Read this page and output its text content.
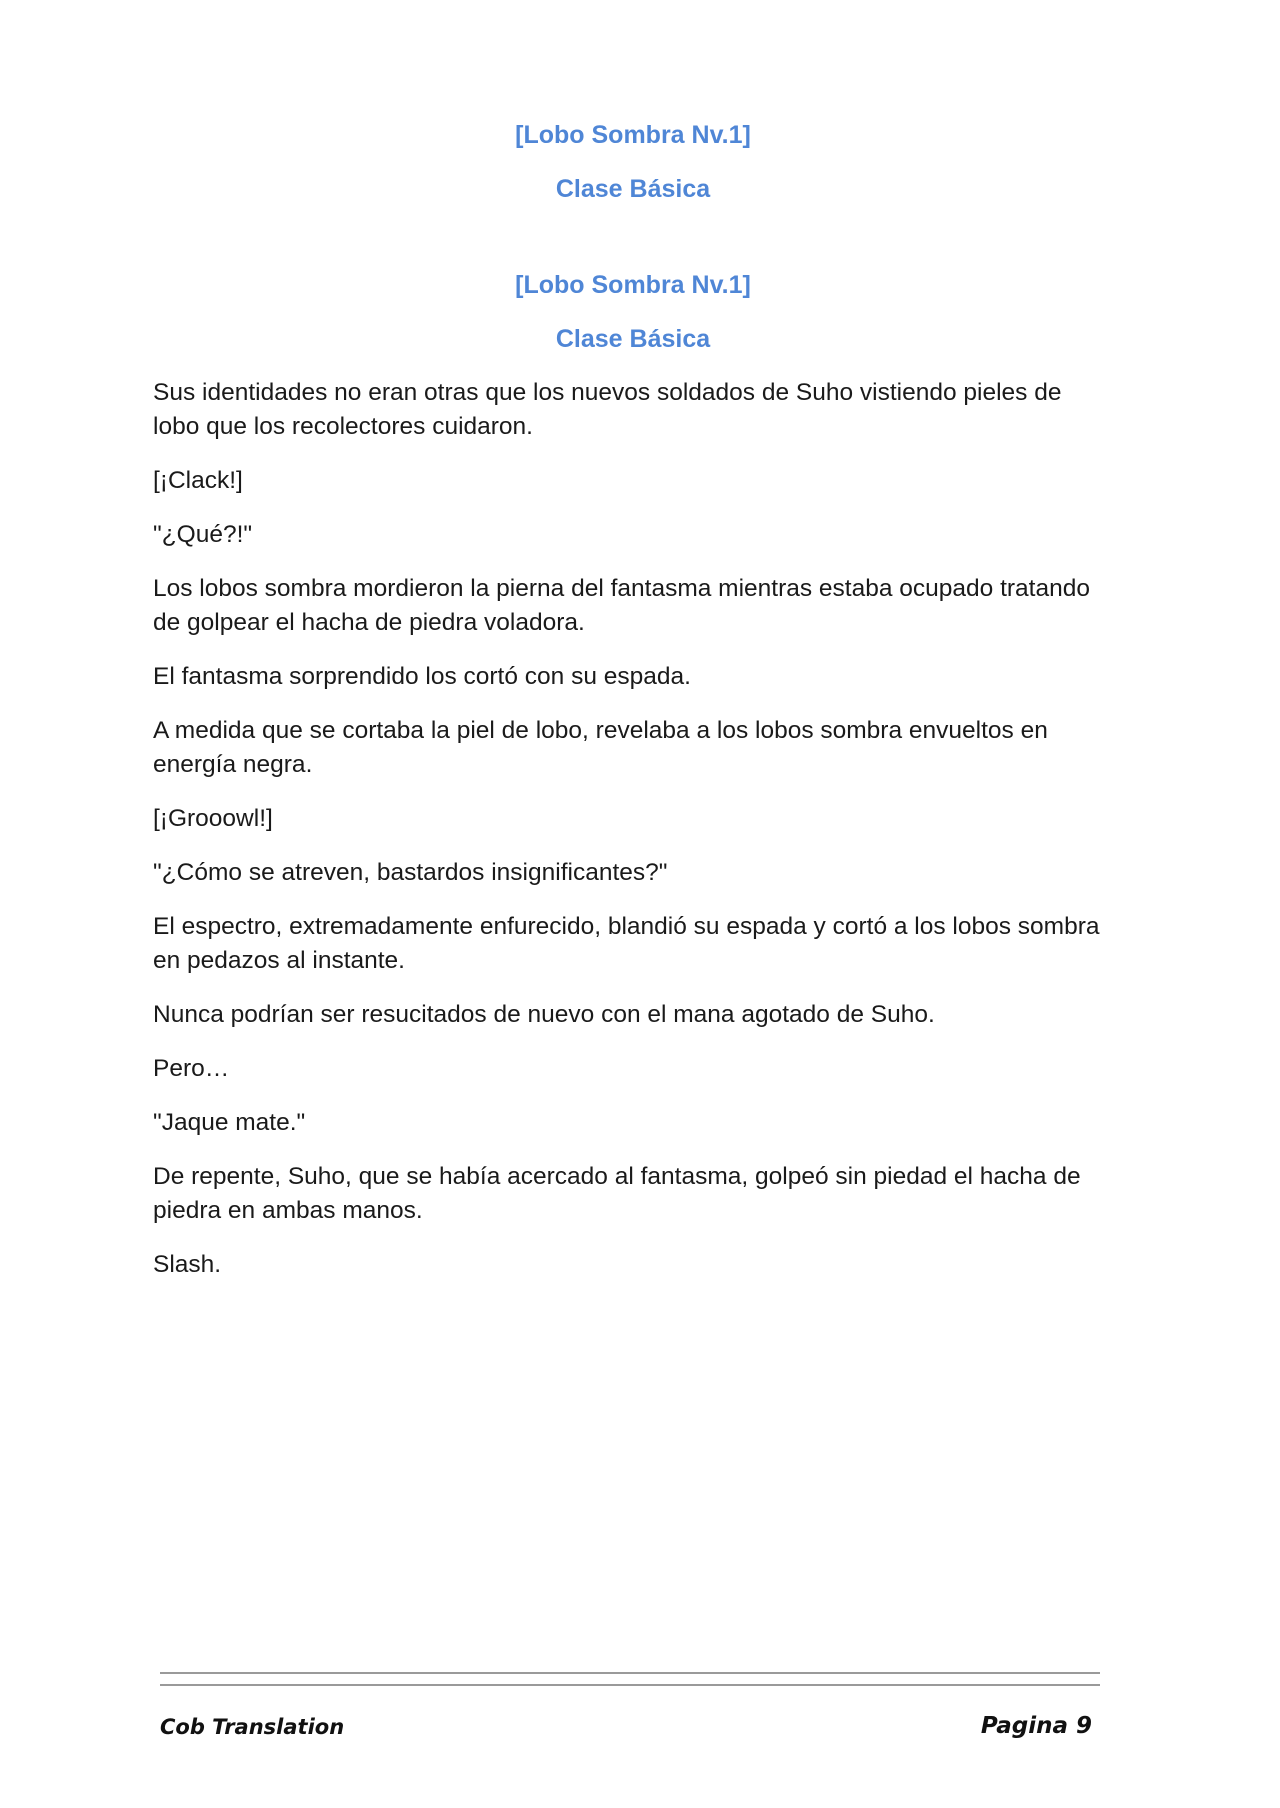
[Lobo Sombra Nv.1]
Clase Básica
[Lobo Sombra Nv.1]
Clase Básica

Sus identidades no eran otras que los nuevos soldados de Suho vistiendo pieles de lobo que los recolectores cuidaron.

[¡Clack!]

"¿Qué?!"

Los lobos sombra mordieron la pierna del fantasma mientras estaba ocupado tratando de golpear el hacha de piedra voladora.

El fantasma sorprendido los cortó con su espada.

A medida que se cortaba la piel de lobo, revelaba a los lobos sombra envueltos en energía negra.

[¡Grooowl!]

"¿Cómo se atreven, bastardos insignificantes?"

El espectro, extremadamente enfurecido, blandió su espada y cortó a los lobos sombra en pedazos al instante.

Nunca podrían ser resucitados de nuevo con el mana agotado de Suho.

Pero…

"Jaque mate."

De repente, Suho, que se había acercado al fantasma, golpeó sin piedad el hacha de piedra en ambas manos.

Slash.

Cob Translation	Pagina 9
